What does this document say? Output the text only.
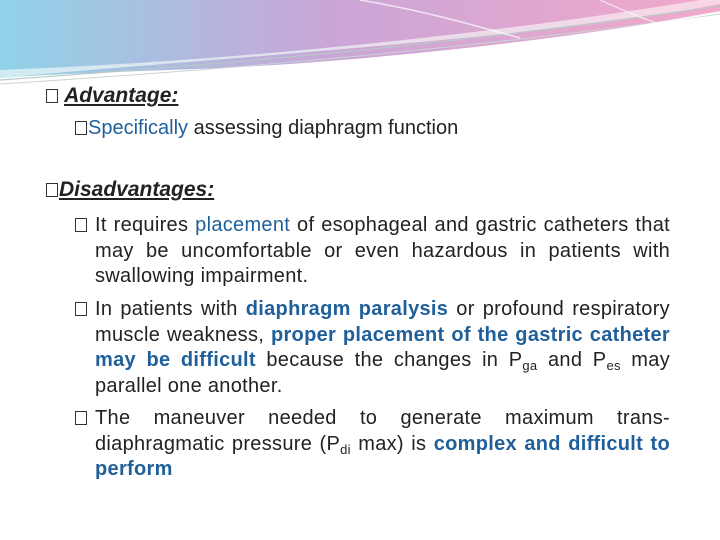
Advantage:
Specifically assessing diaphragm function
Disadvantages:
It requires placement of esophageal and gastric catheters that may be uncomfortable or even hazardous in patients with swallowing impairment.
In patients with diaphragm paralysis or profound respiratory muscle weakness, proper placement of the gastric catheter may be difficult because the changes in $P_{ga}$ and $P_{es}$ may parallel one another.
The maneuver needed to generate maximum trans-diaphragmatic pressure ($P_{di}$ max) is complex and difficult to perform
